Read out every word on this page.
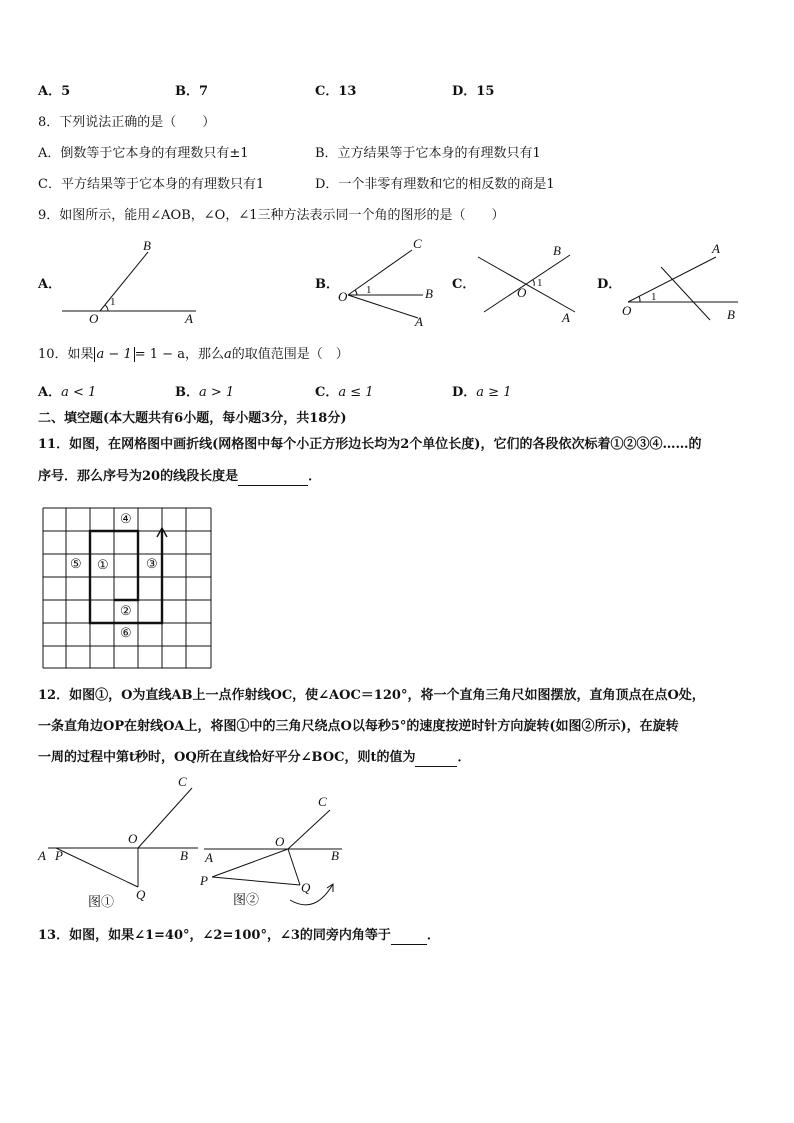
A．5	B．7	C．13	D．15
8．下列说法正确的是（　　）
A．倒数等于它本身的有理数只有±1	B．立方结果等于它本身的有理数只有1
C．平方结果等于它本身的有理数只有1	D．一个非零有理数和它的相反数的商是1
9．如图所示，能用∠AOB，∠O，∠1三种方法表示同一个角的图形的是（　　）
A．	B．	C．	D．
B
O	A
1
C
O	B
A
1
B
O
1
A
A
1
O	B
10．如果 a − 1 = 1 − a，那么a的取值范围是（　）
A．a < 1	B．a > 1	C．a ≤ 1	D．a ≥ 1
二、填空题(本大题共有6小题，每小题3分，共18分)
11．如图，在网格图中画折线(网格图中每个小正方形边长均为2个单位长度)，它们的各段依次标着①②③④……的
序号．那么序号为20的线段长度是	．
④
⑤ ①	③
②
⑥
12．如图①，O为直线AB上一点作射线OC，使∠AOC＝120°，将一个直角三角尺如图摆放，直角顶点在点O处，
一条直角边OP在射线OA上，将图①中的三角尺绕点O以每秒5°的速度按逆时针方向旋转(如图②所示)，在旋转
一周的过程中第t秒时，OQ所在直线恰好平分∠BOC，则t的值为	．
C
O
A P	B
Q
图①
C
O
A	B
P	Q
图②
13．如图，如果∠1=40°，∠2=100°，∠3的同旁内角等于	．
